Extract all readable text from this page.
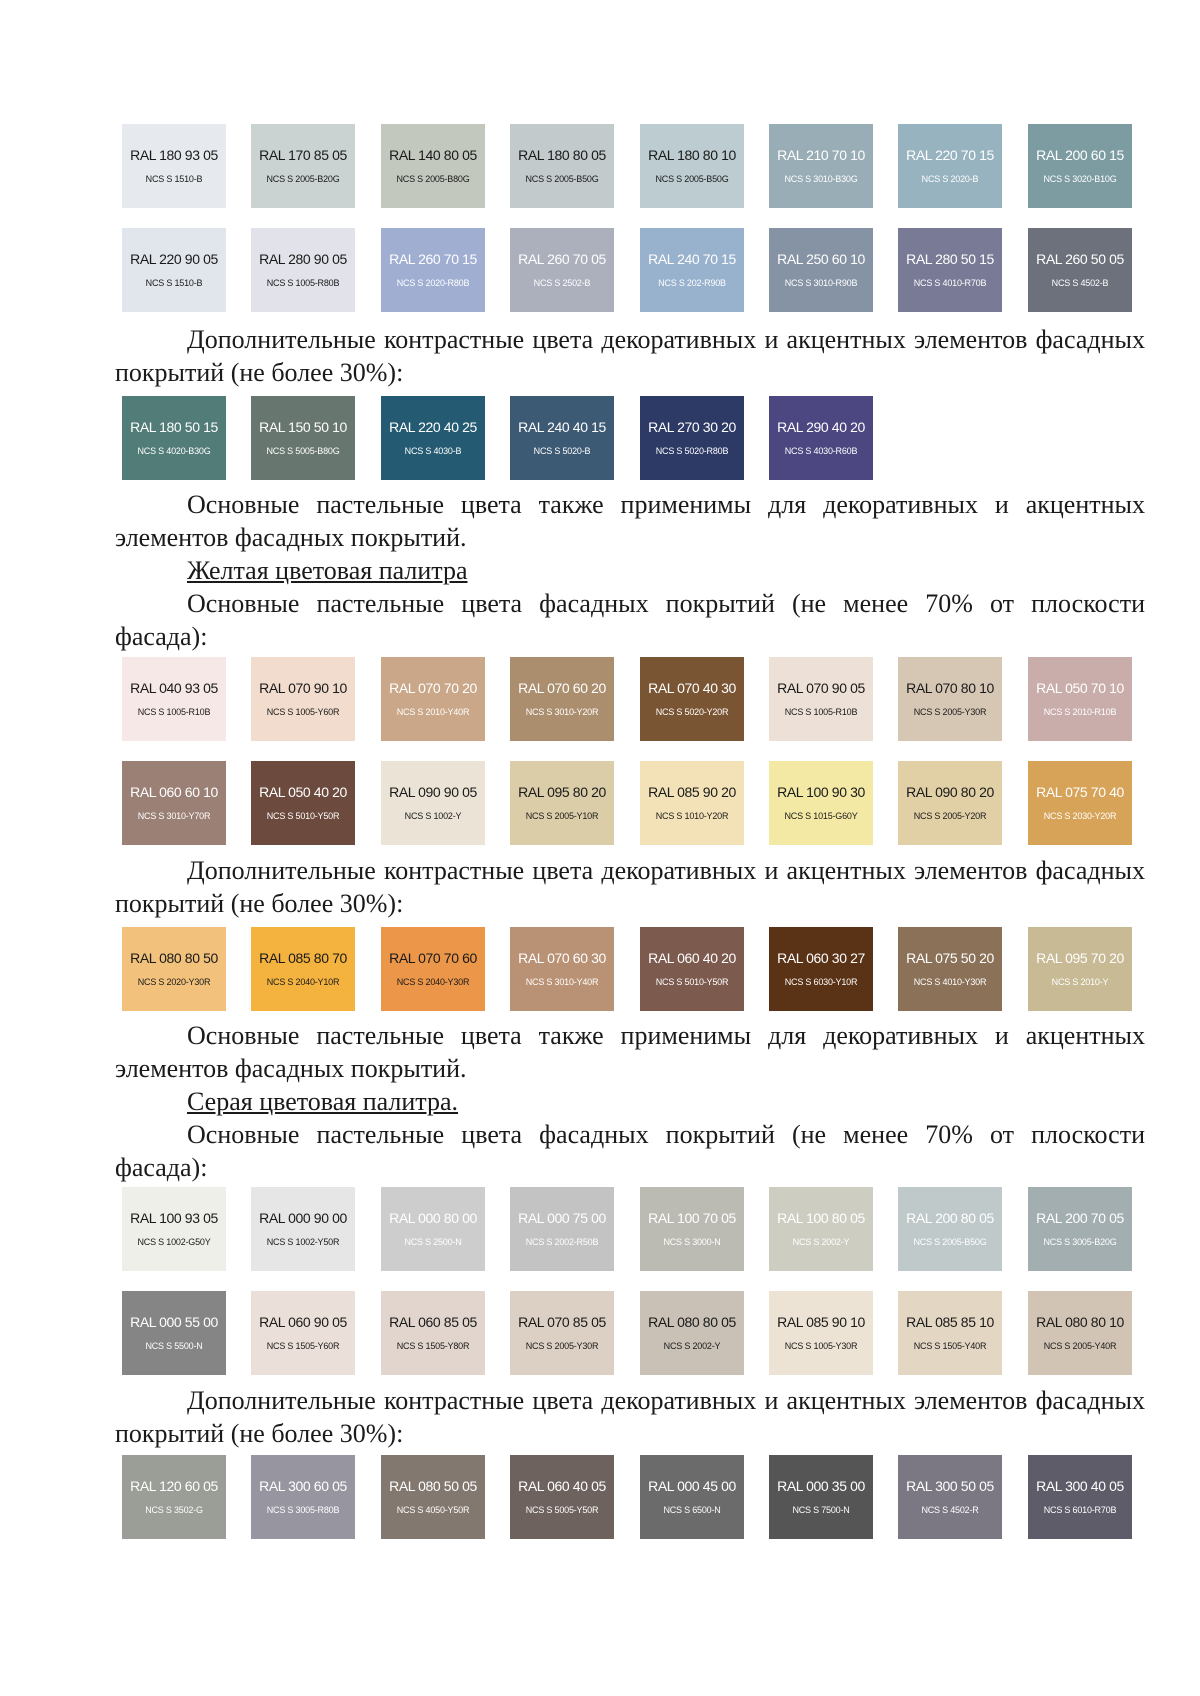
RAL 180 93 05
NCS S 1510-B
RAL 170 85 05
NCS S 2005-B20G
RAL 140 80 05
NCS S 2005-B80G
RAL 180 80 05
NCS S 2005-B50G
RAL 180 80 10
NCS S 2005-B50G
RAL 210 70 10
NCS S 3010-B30G
RAL 220 70 15
NCS S 2020-B
RAL 200 60 15
NCS S 3020-B10G
RAL 220 90 05
NCS S 1510-B
RAL 280 90 05
NCS S 1005-R80B
RAL 260 70 15
NCS S 2020-R80B
RAL 260 70 05
NCS S 2502-B
RAL 240 70 15
NCS S 202-R90B
RAL 250 60 10
NCS S 3010-R90B
RAL 280 50 15
NCS S 4010-R70B
RAL 260 50 05
NCS S 4502-B

Дополнительные контрастные цвета декоративных и акцентных элементов фасадных покрытий (не более 30%):

RAL 180 50 15
NCS S 4020-B30G
RAL 150 50 10
NCS S 5005-B80G
RAL 220 40 25
NCS S 4030-B
RAL 240 40 15
NCS S 5020-B
RAL 270 30 20
NCS S 5020-R80B
RAL 290 40 20
NCS S 4030-R60B

Основные пастельные цвета также применимы для декоративных и акцентных элементов фасадных покрытий.

Желтая цветовая палитра

Основные пастельные цвета фасадных покрытий (не менее 70% от плоскости фасада):

RAL 040 93 05
NCS S 1005-R10B
RAL 070 90 10
NCS S 1005-Y60R
RAL 070 70 20
NCS S 2010-Y40R
RAL 070 60 20
NCS S 3010-Y20R
RAL 070 40 30
NCS S 5020-Y20R
RAL 070 90 05
NCS S 1005-R10B
RAL 070 80 10
NCS S 2005-Y30R
RAL 050 70 10
NCS S 2010-R10B
RAL 060 60 10
NCS S 3010-Y70R
RAL 050 40 20
NCS S 5010-Y50R
RAL 090 90 05
NCS S 1002-Y
RAL 095 80 20
NCS S 2005-Y10R
RAL 085 90 20
NCS S 1010-Y20R
RAL 100 90 30
NCS S 1015-G60Y
RAL 090 80 20
NCS S 2005-Y20R
RAL 075 70 40
NCS S 2030-Y20R

Дополнительные контрастные цвета декоративных и акцентных элементов фасадных покрытий (не более 30%):

RAL 080 80 50
NCS S 2020-Y30R
RAL 085 80 70
NCS S 2040-Y10R
RAL 070 70 60
NCS S 2040-Y30R
RAL 070 60 30
NCS S 3010-Y40R
RAL 060 40 20
NCS S 5010-Y50R
RAL 060 30 27
NCS S 6030-Y10R
RAL 075 50 20
NCS S 4010-Y30R
RAL 095 70 20
NCS S 2010-Y

Основные пастельные цвета также применимы для декоративных и акцентных элементов фасадных покрытий.

Серая цветовая палитра.

Основные пастельные цвета фасадных покрытий (не менее 70% от плоскости фасада):

RAL 100 93 05
NCS S 1002-G50Y
RAL 000 90 00
NCS S 1002-Y50R
RAL 000 80 00
NCS S 2500-N
RAL 000 75 00
NCS S 2002-R50B
RAL 100 70 05
NCS S 3000-N
RAL 100 80 05
NCS S 2002-Y
RAL 200 80 05
NCS S 2005-B50G
RAL 200 70 05
NCS S 3005-B20G
RAL 000 55 00
NCS S 5500-N
RAL 060 90 05
NCS S 1505-Y60R
RAL 060 85 05
NCS S 1505-Y80R
RAL 070 85 05
NCS S 2005-Y30R
RAL 080 80 05
NCS S 2002-Y
RAL 085 90 10
NCS S 1005-Y30R
RAL 085 85 10
NCS S 1505-Y40R
RAL 080 80 10
NCS S 2005-Y40R

Дополнительные контрастные цвета декоративных и акцентных элементов фасадных покрытий (не более 30%):

RAL 120 60 05
NCS S 3502-G
RAL 300 60 05
NCS S 3005-R80B
RAL 080 50 05
NCS S 4050-Y50R
RAL 060 40 05
NCS S 5005-Y50R
RAL 000 45 00
NCS S 6500-N
RAL 000 35 00
NCS S 7500-N
RAL 300 50 05
NCS S 4502-R
RAL 300 40 05
NCS S 6010-R70B
